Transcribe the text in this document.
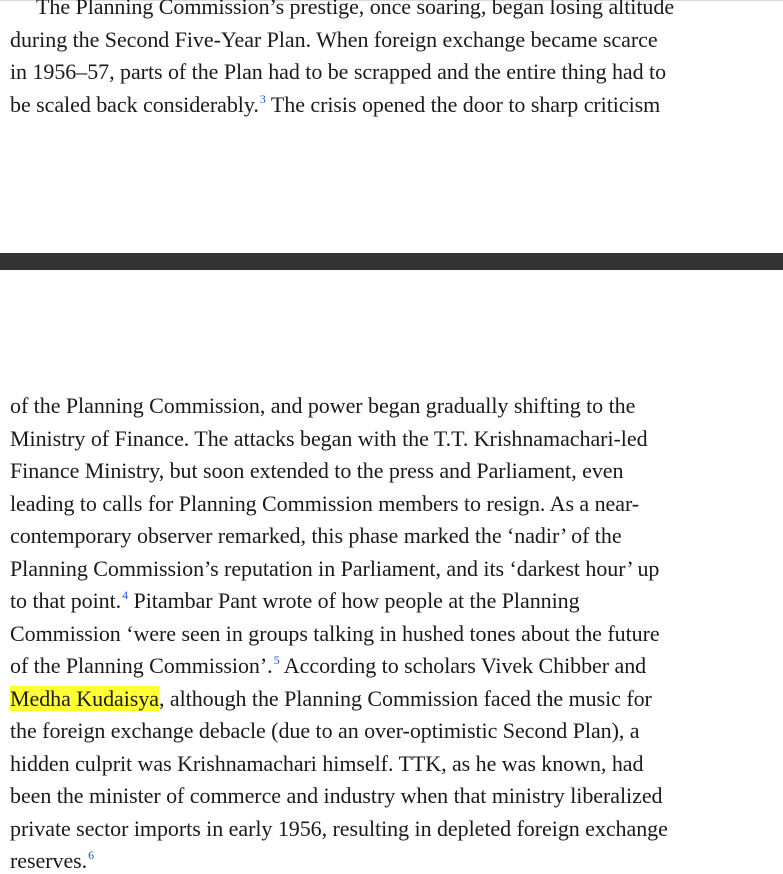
The Planning Commission’s prestige, once soaring, began losing altitude
during the Second Five-Year Plan. When foreign exchange became scarce
in 1956–57, parts of the Plan had to be scrapped and the entire thing had to
be scaled back considerably.$^3$ The crisis opened the door to sharp criticism
of the Planning Commission, and power began gradually shifting to the
Ministry of Finance. The attacks began with the T.T. Krishnamachari-led
Finance Ministry, but soon extended to the press and Parliament, even
leading to calls for Planning Commission members to resign. As a near-
contemporary observer remarked, this phase marked the ‘nadir’ of the
Planning Commission’s reputation in Parliament, and its ‘darkest hour’ up
to that point.$^4$ Pitambar Pant wrote of how people at the Planning
Commission ‘were seen in groups talking in hushed tones about the future
of the Planning Commission’.$^5$ According to scholars Vivek Chibber and
Medha Kudaisya, although the Planning Commission faced the music for
the foreign exchange debacle (due to an over-optimistic Second Plan), a
hidden culprit was Krishnamachari himself. TTK, as he was known, had
been the minister of commerce and industry when that ministry liberalized
private sector imports in early 1956, resulting in depleted foreign exchange
reserves.$^6$
